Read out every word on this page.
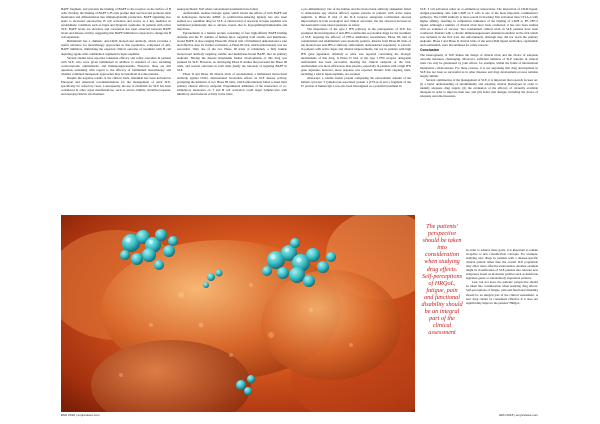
BAFF fragment, and prevents the binding of BAFF to the receptor on the surface of B cells. Notably, the binding of BAFF to B cells prompt their survival and promotes their maturation and differentiation into immunoglobulin production. BAFF signalling also leads to increased autoreactive B cell activation and serves as a key mediator in autoimmune conditions such as lupus and Sjögren's syndrome. In patients with active SLE, BAFF levels are elevated, and correlation has been observed between BAFF levels and disease activity, suggesting that BAFF inhibition is expected to change the B cell expansion.

Belimumab has a chimeric anti-CD20 monoclonal antibody, which provides a useful reference for monotherapy approaches in this population, comprised of anti-BAFF inhibitors, mimicking the expected clinical outcome of treatment with B cell depleting agents with combination regimens in lupus nephritis.

Several studies have reported consistent efficacy and safety outcomes in patients with SLE, who were given belimumab in addition to standard of care, including corticosteroids, antimalarials, and immunosuppressants. However, there are still questions remaining with regard to the efficacy of belimumab monotherapy and whether combined therapeutic approaches may be beneficial in some patients.

Despite the negative results of the clinical trials, rituximab has been included in European and American recommendations for the management of renal SLE, specifically for refractory cases. Consequently, the use of rituximab for SLE has been considered in other organ manifestations, such as severe arthritis, thrombocytopenia, and neuropsychiatric involvement.

neuropsychiatric SLE when conventional treatments have failed.

Anifrolumab, another biologic agent, which blocks the effects of both BAFF and its homologous molecule APRIL (a proliferation-inducing ligand), has also been studied as a candidate drug for SLE. A clinical trial of atacicept in lupus nephritis was terminated prematurely due to adverse events, that is, hypogammaglobulinaemia and infections.

Epratuzumab is a human protein consisting of four high-affinity BAFF-binding domains and the Fc domain of human IgG1, targeting both soluble and membrane-bound BAFF. A dose-ranging Phase IIb clinical trial of blisibimod demonstrated a safe and effective dose for further evaluation. A Phase III trial, which unfortunately was not successful. Only one of the two Phase III trials of tabalumab, a fully human monoclonal antibody targeting soluble and membrane-bound BAFF, met its primary endpoint. Having the disease Interleukin further developments of this drug was planned for SLE. However, no developing Phase II studies that preceded the Phase III trials, and several outcomes in both trials justify the rationale of targeting BAFF in SLE.

Phase II and Phase III clinical trials of epratuzumab, a humanised monoclonal antibody against CD22, demonstrated favourable effects on SLE disease activity, prompting the initiation of two Phase III trials, which unfortunately failed to meet their primary clinical efficacy endpoint. Experimental inhibition of the interaction of co-stimulatory molecules on T and B cell activation could target lymphocytes with inhibitory and moderate activity in the trials.

a pro-inflammatory role of the human and the monoclonal antibody sirukumab failed to demonstrate any clinical efficacy against placebo in patients with active lupus nephritis. A Phase II trial of the IL-6 receptor antagonist tocilizumab showed improvement in both serological and clinical outcomes, but the observed decrease in the neutrophil count raised questions on safety.

The importance of the type I IFN pathway in the pathogenesis of SLE has prompted the investigation of anti-IFN-α antibodies as potential drugs for the treatment of SLE, targeting the efficacy of IFN-α inhibition; nevertheless, Phase IIb trial of rontalizumab and sifalimumab were modestly positive. Results from Phase III trials of the monoclonal anti-IFN-α antibody anifrolumab demonstrated superiority to placebo in patients with active lupus and clinical improvements, but not in patients with high IFN gene signatures, similarly to what was reported concerning the biologic mechanisms of this drug. A Phase II trial of the type I IFN receptor antagonist anifrolumab has been successful, meeting the clinical endpoint of the trial. Anifrolumab was more efficacious than placebo, especially in patients with a high IFN gene signature, however, more response was reported. Results from ongoing trials, including a trial in lupus nephritis, are awaited.

Abatacept, a soluble fusion protein comprising the extracellular domain of the human cytotoxic T lymphocyte-associated protein 4 (CTLA-4) and a fragment of the Fc portion of human IgG1, has also been investigated as a potential treatment in

SLE. T cell activation relies on co-stimulatory interactions. The interaction of CD40 ligand, antigen-presenting cells with CD28 on T cells is one of the most important costimulatory pathways. The CD28 antibody is more potent in blocking Trm activation than CTLA-4 with higher affinity, resulting in competitive inhibition of the binding of CD28 to B7-1/B7-2 ligand. Although a number of clinical trials have been conducted, it has also been studied with no evidence of success. Two randomised clinical trials in SLE patients have been conducted. Patients with a chronic immunosuppressant remained tolerable; in the trial which was included in the first trial, but unfortunately, although they did not reach the primary endpoint. Phase I and Phase II clinical trials of the anti-CD40 ligand antibodies, ruplizumab and toralizumab, were discontinued for safety reasons.

Conclusion

The heterogeneity of SLE makes the design of clinical trials and the choice of adequate outcome measures challenging. Moreover, sufficient numbers of SLE patients in clinical trials can only be guaranteed by joint efforts, for example, within the frame of international multicentre collaborations. For these reasons, it is not surprising that drug development in SLE has not been as successful as in other diseases and drug development process remains largely similar.

Several optimisation of the management of SLE, it is important that research focuses on: (i) a better understanding of autoimmunity and adopting clinical phenotypes in order to identify adequate drug targets; (ii) the evaluation of the efficacy of currently available therapies in order to improve their use; and (iii) better trial designs, including the choice of adequate outcome measures.

The patients' perspective should be taken into consideration when studying drug effects. Self-perceptions of HRQoL, fatigue, pain and functional disability should be an integral part of the clinical assessment

In order to achieve these goals, it is important to remain receptive to new classification concepts. For example, studying new drugs in patients with a disease-specific clinical pattern rather than the overall SLE population may allow more effective intervention. Another example might be classification of SLE patients into relevant new subgroups based on molecular profiles such as interferon signature genes or autoantibody expression patterns.

Last, but not least, the patients' perspective should be taken into consideration when studying drug effects. Self-perceptions of fatigue, pain and functional disability should be an integral part of the clinical assessment. A new drug cannot be considered effective if it does not significantly improve the patients' HRQoL.

EMJ 2018 | emjreviews.com	EMJ 2018 | emjreviews.com
